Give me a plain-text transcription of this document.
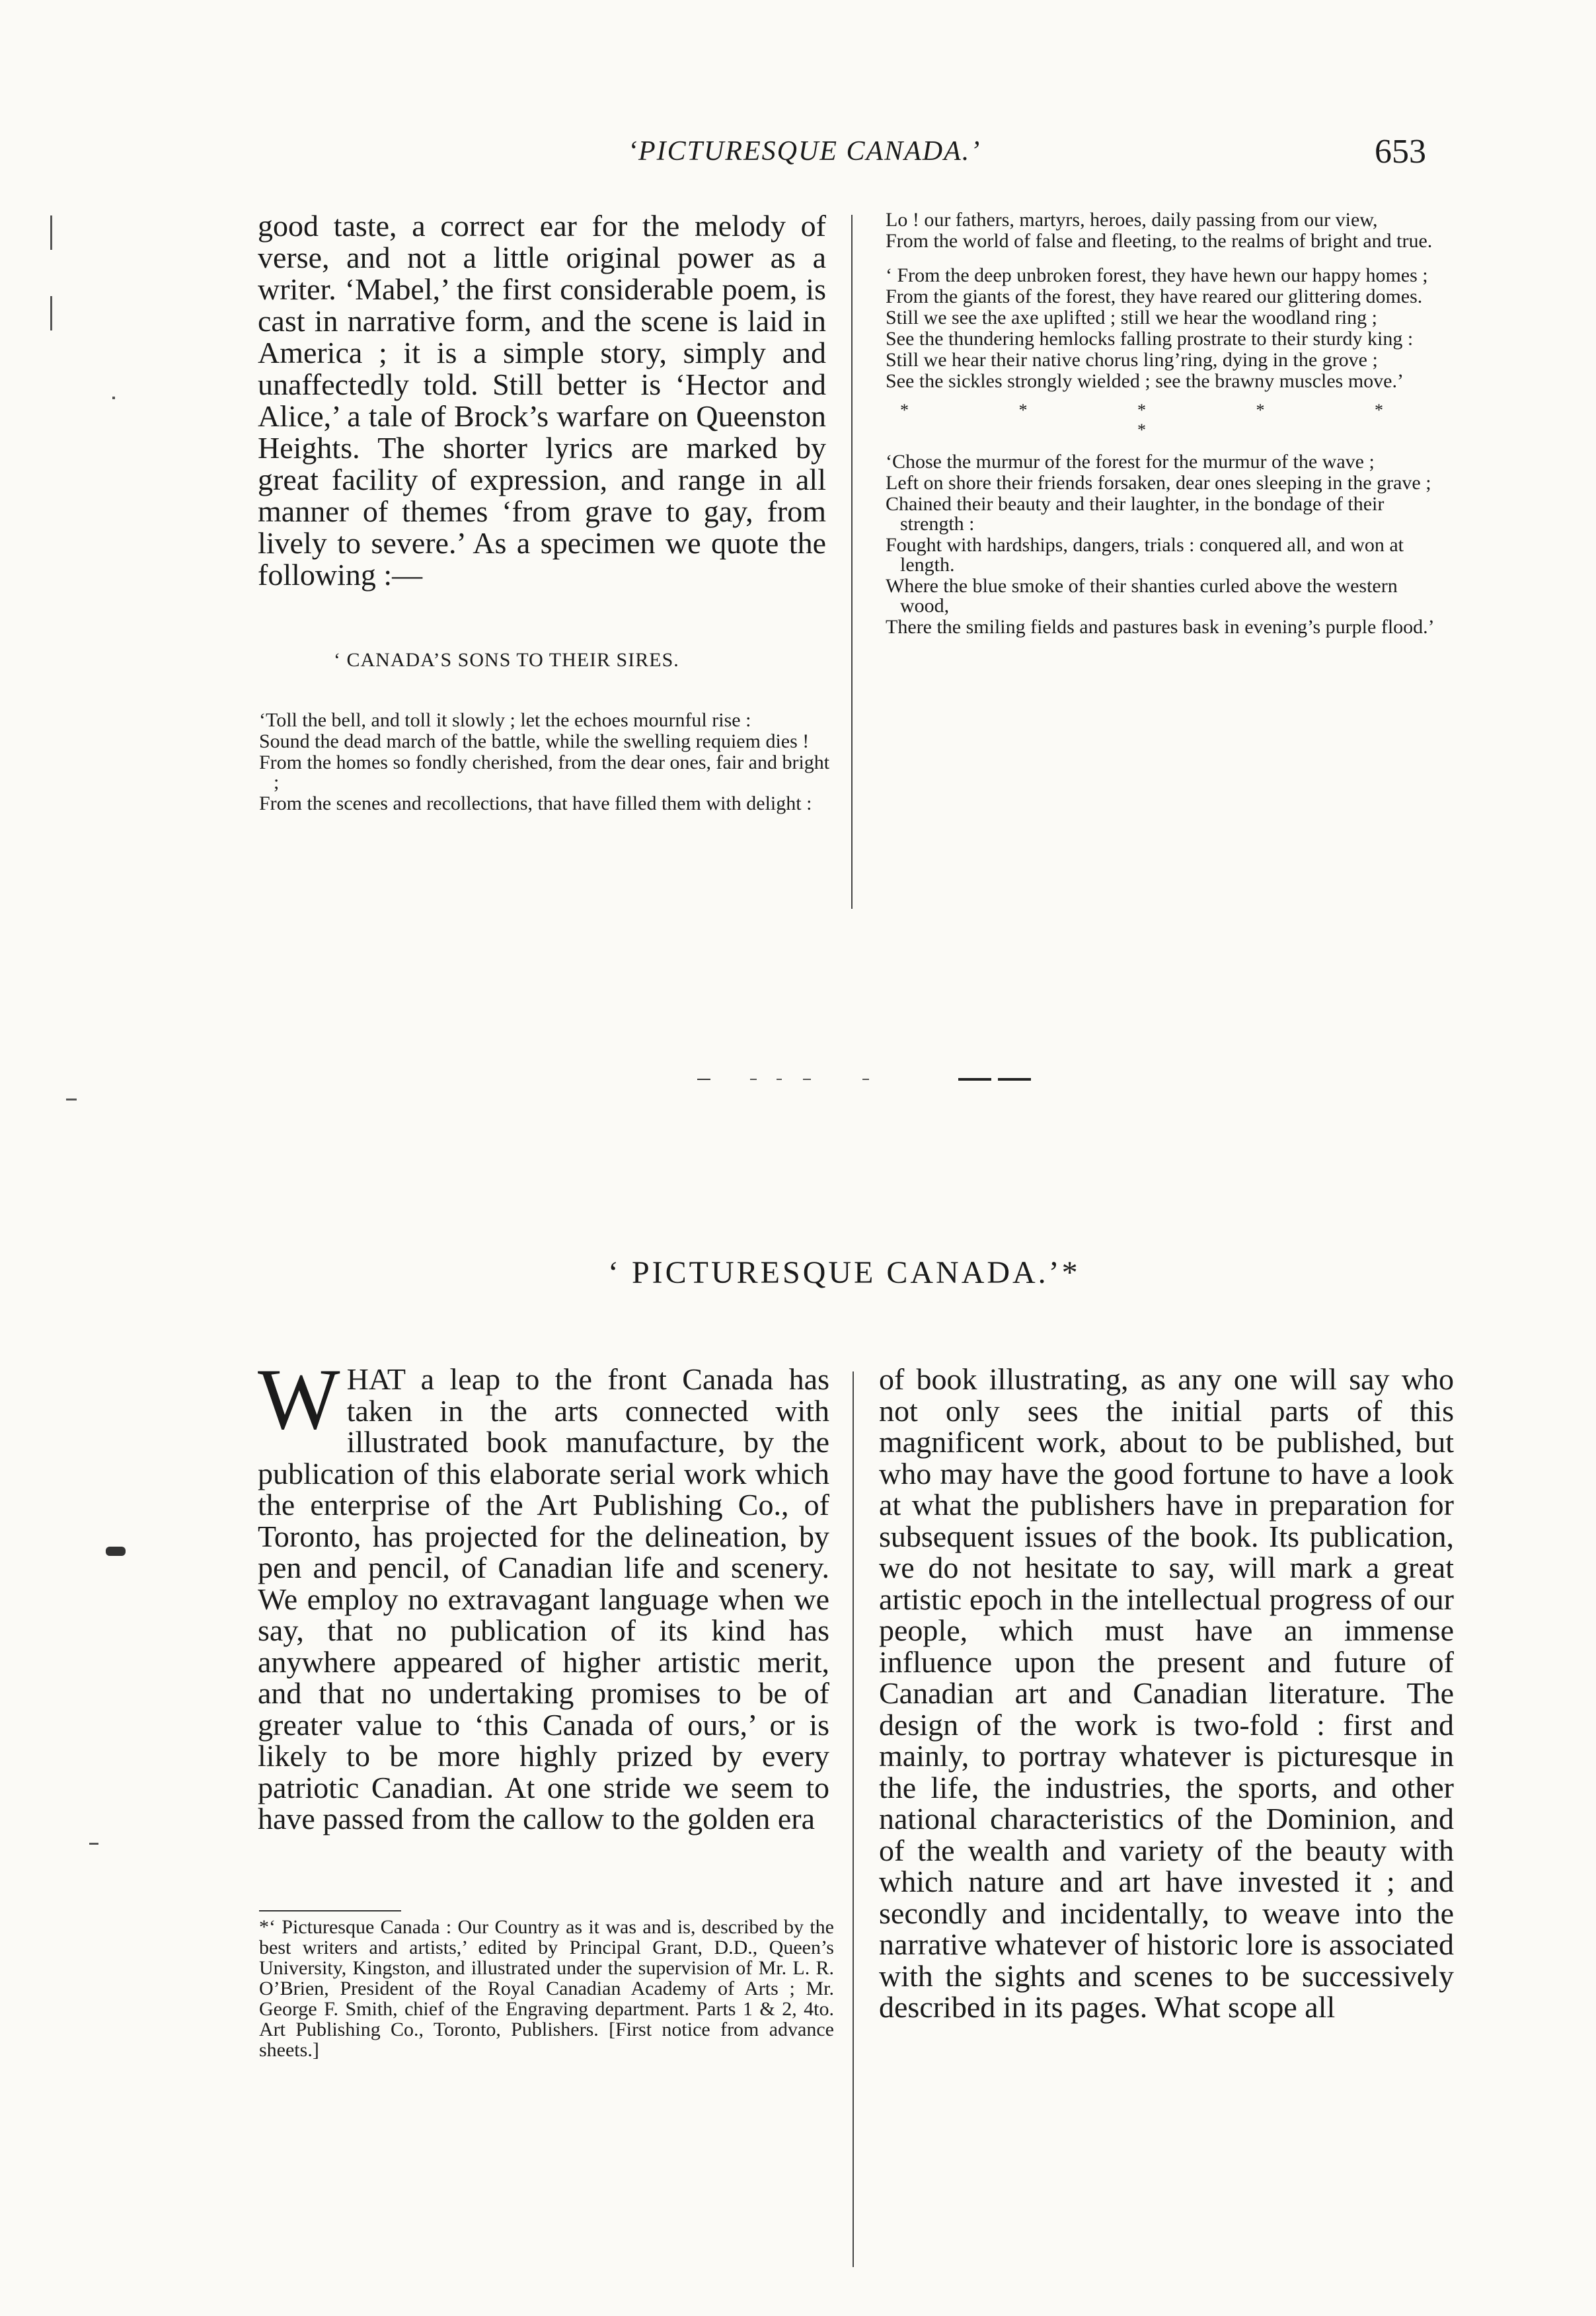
‘PICTURESQUE CANADA.’	653

good taste, a correct ear for the melody of verse, and not a little original power as a writer. ‘Mabel,’ the first considerable poem, is cast in narrative form, and the scene is laid in America ; it is a simple story, simply and unaffectedly told. Still better is ‘Hector and Alice,’ a tale of Brock’s warfare on Queenston Heights. The shorter lyrics are marked by great facility of expression, and range in all manner of themes ‘from grave to gay, from lively to severe.’ As a specimen we quote the following :—

‘ CANADA’S SONS TO THEIR SIRES.

‘Toll the bell, and toll it slowly ; let the echoes mournful rise :

Sound the dead march of the battle, while the swelling requiem dies !

From the homes so fondly cherished, from the dear ones, fair and bright ;

From the scenes and recollections, that have filled them with delight :

Lo ! our fathers, martyrs, heroes, daily passing from our view,

From the world of false and fleeting, to the realms of bright and true.

‘ From the deep unbroken forest, they have hewn our happy homes ;

From the giants of the forest, they have reared our glittering domes.

Still we see the axe uplifted ; still we hear the woodland ring ;

See the thundering hemlocks falling prostrate to their sturdy king :

Still we hear their native chorus ling’ring, dying in the grove ;

See the sickles strongly wielded ; see the brawny muscles move.’

* * * * * *

‘Chose the murmur of the forest for the murmur of the wave ;

Left on shore their friends forsaken, dear ones sleeping in the grave ;

Chained their beauty and their laughter, in the bondage of their strength :

Fought with hardships, dangers, trials : conquered all, and won at length.

Where the blue smoke of their shanties curled above the western wood,

There the smiling fields and pastures bask in evening’s purple flood.’

‘ PICTURESQUE CANADA.’*
WHAT a leap to the front Canada has taken in the arts connected with illustrated book manufacture, by the publication of this elaborate serial work which the enterprise of the Art Publishing Co., of Toronto, has projected for the delineation, by pen and pencil, of Canadian life and scenery. We employ no extravagant language when we say, that no publication of its kind has anywhere appeared of higher artistic merit, and that no undertaking promises to be of greater value to ‘this Canada of ours,’ or is likely to be more highly prized by every patriotic Canadian. At one stride we seem to have passed from the callow to the golden era
of book illustrating, as any one will say who not only sees the initial parts of this magnificent work, about to be published, but who may have the good fortune to have a look at what the publishers have in preparation for subsequent issues of the book. Its publication, we do not hesitate to say, will mark a great artistic epoch in the intellectual progress of our people, which must have an immense influence upon the present and future of Canadian art and Canadian literature. The design of the work is two-fold : first and mainly, to portray whatever is picturesque in the life, the industries, the sports, and other national characteristics of the Dominion, and of the wealth and variety of the beauty with which nature and art have invested it ; and secondly and incidentally, to weave into the narrative whatever of historic lore is associated with the sights and scenes to be successively described in its pages. What scope all
*‘ Picturesque Canada : Our Country as it was and is, described by the best writers and artists,’ edited by Principal Grant, D.D., Queen’s University, Kingston, and illustrated under the supervision of Mr. L. R. O’Brien, President of the Royal Canadian Academy of Arts ; Mr. George F. Smith, chief of the Engraving department. Parts 1 & 2, 4to. Art Publishing Co., Toronto, Publishers. [First notice from advance sheets.]
